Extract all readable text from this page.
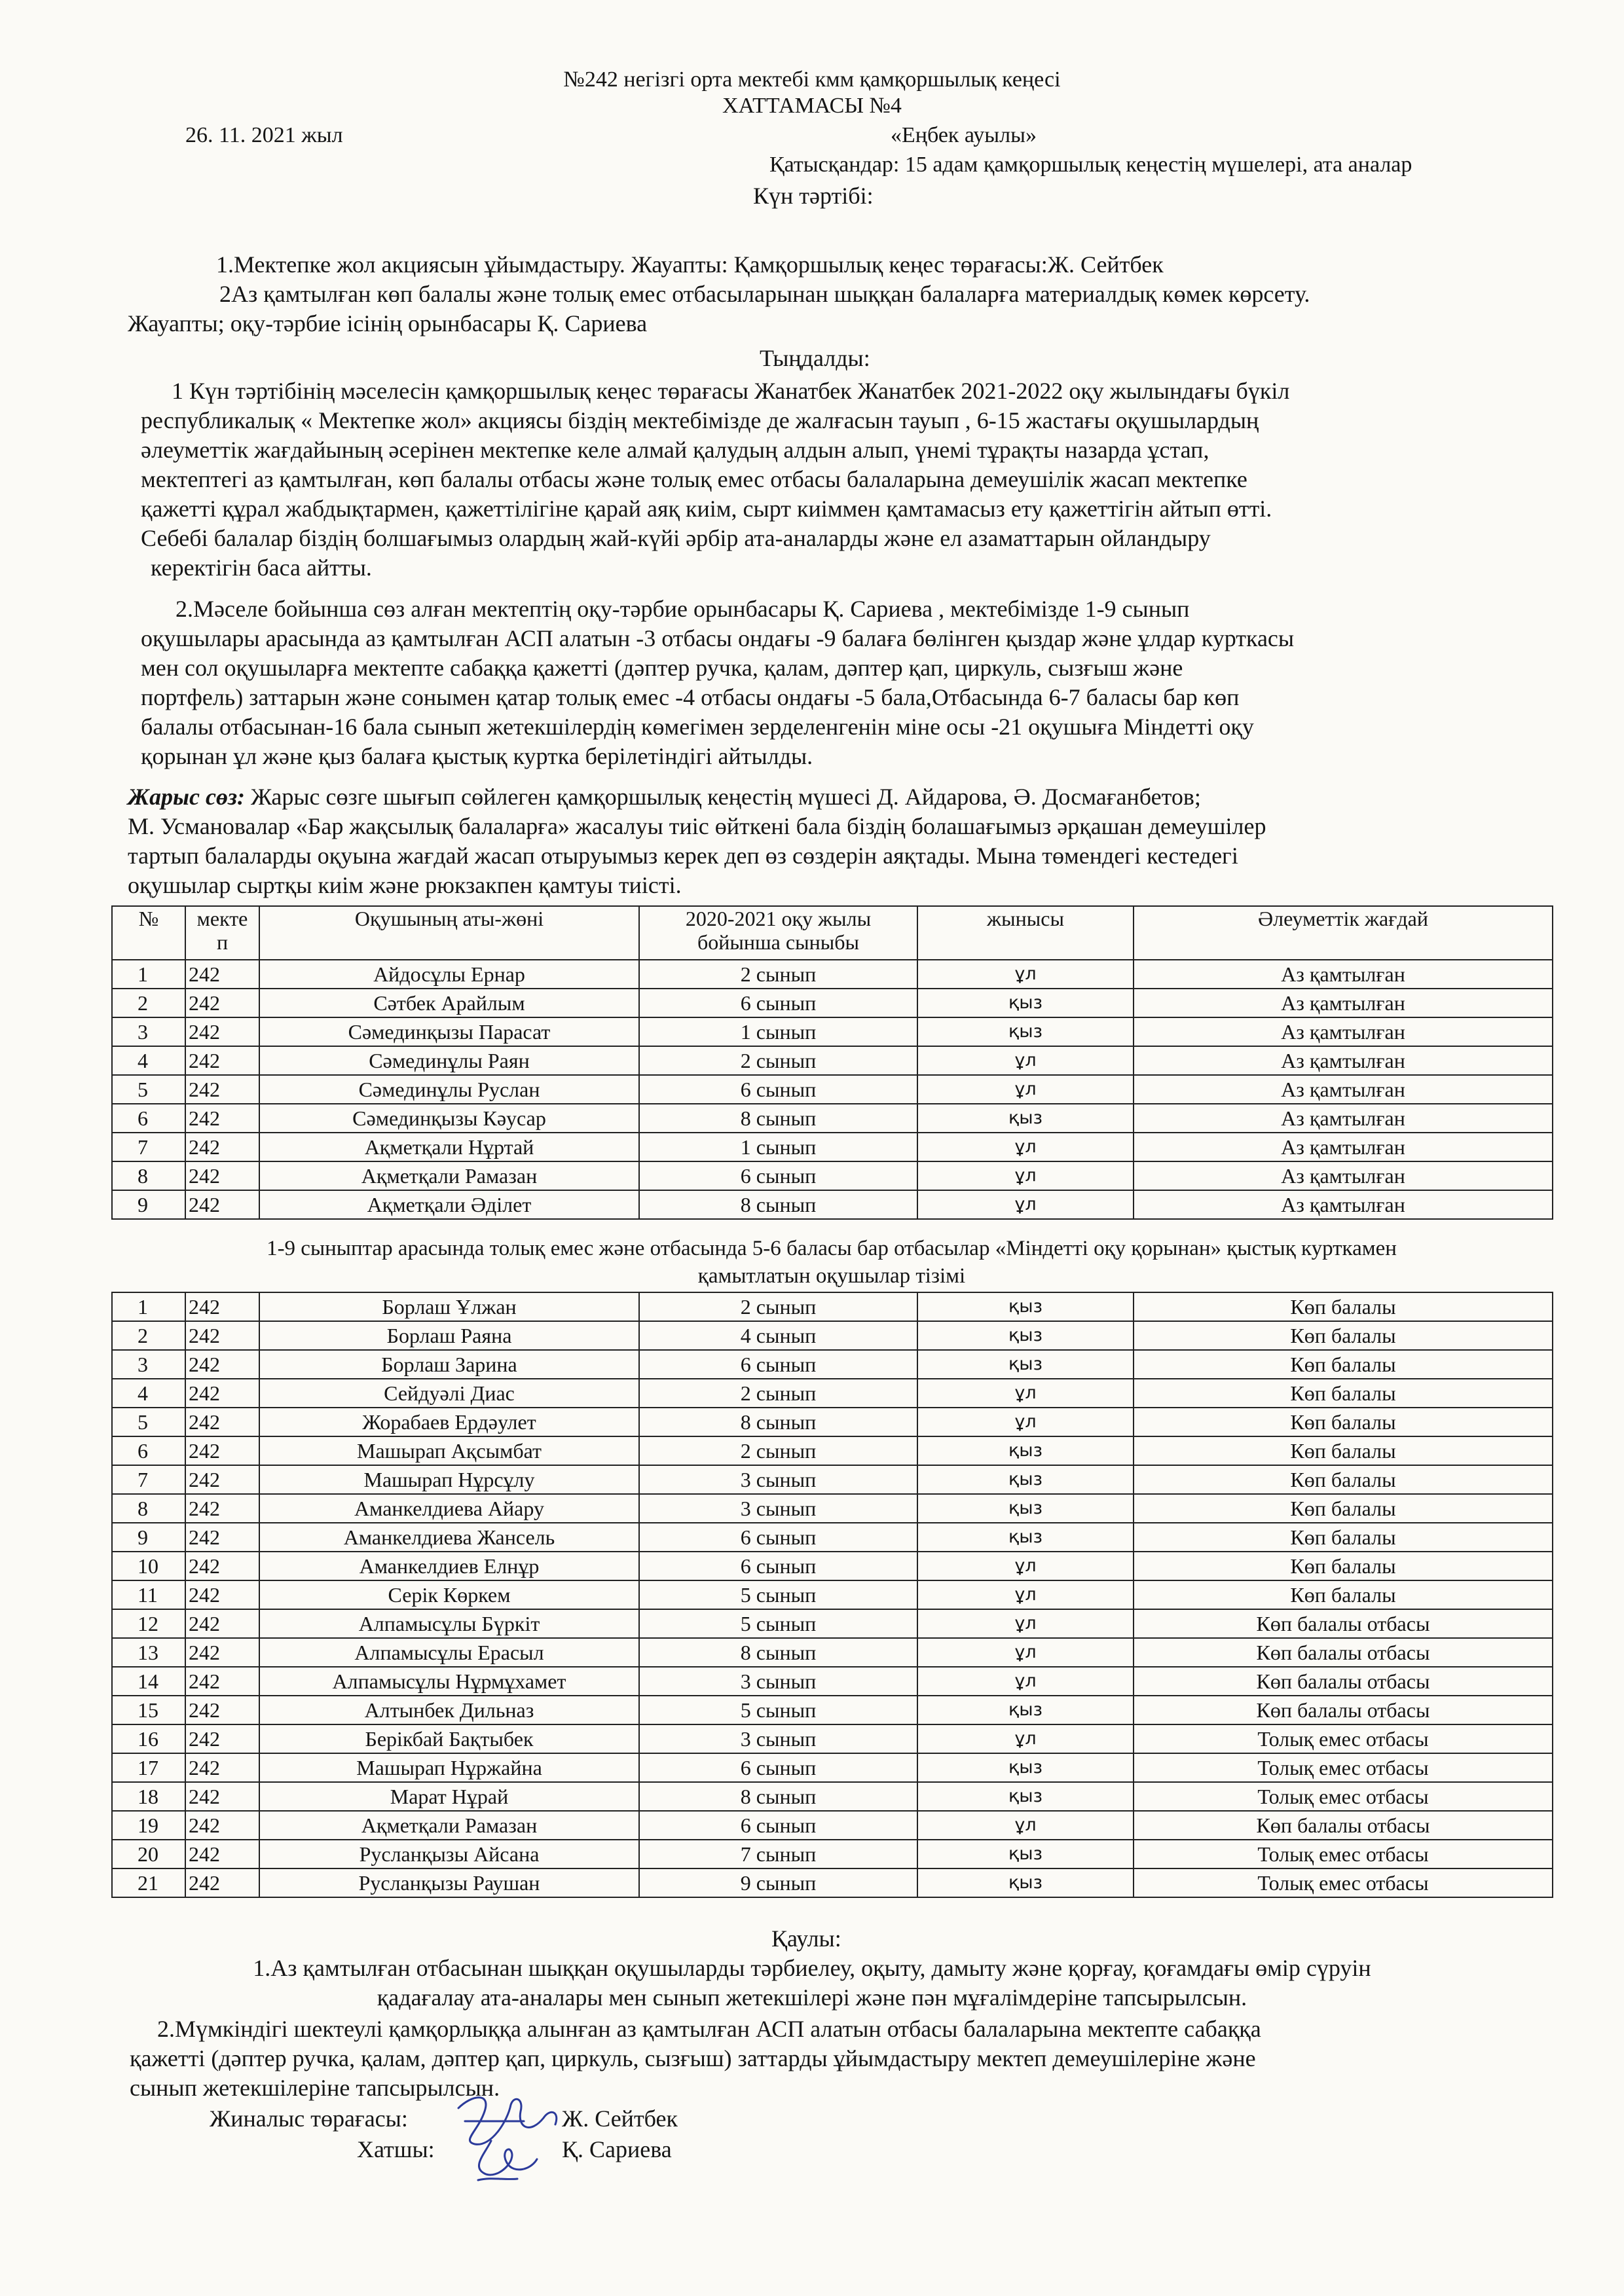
№242 негізгі орта мектебі кмм қамқоршылық кеңесі
ХАТТАМАСЫ №4
26. 11. 2021 жыл	«Еңбек ауылы»
Қатысқандар: 15 адам қамқоршылық кеңестің мүшелері, ата аналар
Күн тәртібі:
1.Мектепке жол акциясын ұйымдастыру. Жауапты: Қамқоршылық кеңес төрағасы:Ж. Сейтбек
2Аз қамтылған көп балалы және толық емес отбасыларынан шыққан балаларға материалдық көмек көрсету.
Жауапты; оқу-тәрбие ісінің орынбасары Қ. Сариева
Тыңдалды:

1 Күн тәртібінің мәселесін қамқоршылық кеңес төрағасы Жанатбек Жанатбек 2021-2022 оқу жылындағы бүкіл

республикалық « Мектепке жол» акциясы біздің мектебімізде де жалғасын тауып , 6-15 жастағы оқушылардың

әлеуметтік жағдайының әсерінен мектепке келе алмай қалудың алдын алып, үнемі тұрақты назарда ұстап,

мектептегі аз қамтылған, көп балалы отбасы және толық емес отбасы балаларына демеушілік жасап мектепке

қажетті құрал жабдықтармен, қажеттілігіне қарай аяқ киім, сырт киіммен қамтамасыз ету қажеттігін айтып өтті.

Себебі балалар біздің болшағымыз олардың жай-күйі әрбір ата-аналарды және ел азаматтарын ойландыру

керектігін баса айтты.

2.Мәселе бойынша сөз алған мектептің оқу-тәрбие орынбасары Қ. Сариева , мектебімізде 1-9 сынып

оқушылары арасында аз қамтылған АСП алатын -3 отбасы ондағы -9 балаға бөлінген қыздар және ұлдар курткасы

мен сол оқушыларға мектепте сабаққа қажетті (дәптер ручка, қалам, дәптер қап, циркуль, сызғыш және

портфель) заттарын және сонымен қатар толық емес -4 отбасы ондағы -5 бала,Отбасында 6-7 баласы бар көп

балалы отбасынан-16 бала сынып жетекшілердің көмегімен зерделенгенін міне осы -21 оқушыға Міндетті оқу

қорынан ұл және қыз балаға қыстық куртка берілетіндігі айтылды.

Жарыс сөз: Жарыс сөзге шығып сөйлеген қамқоршылық кеңестің мүшесі Д. Айдарова, Ә. Досмағанбетов;

М. Усмановалар «Бар жақсылық балаларға» жасалуы тиіс өйткені бала біздің болашағымыз әрқашан демеушілер

тартып балаларды оқуына жағдай жасап отыруымыз керек деп өз сөздерін аяқтады. Мына төмендегі кестедегі

оқушылар сыртқы киім және рюкзакпен қамтуы тиісті.

№	мекте п	Оқушының аты-жөні	2020-2021 оқу жылы бойынша сыныбы	жынысы	Әлеуметтік жағдай
1	242	Айдосұлы Ернар	2 сынып	ұл	Аз қамтылған
2	242	Сәтбек Арайлым	6 сынып	қыз	Аз қамтылған
3	242	Сәмединқызы Парасат	1 сынып	қыз	Аз қамтылған
4	242	Сәмединұлы Раян	2 сынып	ұл	Аз қамтылған
5	242	Сәмединұлы Руслан	6 сынып	ұл	Аз қамтылған
6	242	Сәмединқызы Кәусар	8 сынып	қыз	Аз қамтылған
7	242	Ақметқали Нұртай	1 сынып	ұл	Аз қамтылған
8	242	Ақметқали Рамазан	6 сынып	ұл	Аз қамтылған
9	242	Ақметқали Әділет	8 сынып	ұл	Аз қамтылған
1-9 сыныптар арасында толық емес және отбасында 5-6 баласы бар отбасылар «Міндетті оқу қорынан» қыстық курткамен
қамытлатын оқушылар тізімі
1	242	Борлаш Ұлжан	2 сынып	қыз	Көп балалы
2	242	Борлаш Раяна	4 сынып	қыз	Көп балалы
3	242	Борлаш Зарина	6 сынып	қыз	Көп балалы
4	242	Сейдуәлі Диас	2 сынып	ұл	Көп балалы
5	242	Жорабаев Ердәулет	8 сынып	ұл	Көп балалы
6	242	Машырап Ақсымбат	2 сынып	қыз	Көп балалы
7	242	Машырап Нұрсұлу	3 сынып	қыз	Көп балалы
8	242	Аманкелдиева Айару	3 сынып	қыз	Көп балалы
9	242	Аманкелдиева Жансель	6 сынып	қыз	Көп балалы
10	242	Аманкелдиев Елнұр	6 сынып	ұл	Көп балалы
11	242	Серік Көркем	5 сынып	ұл	Көп балалы
12	242	Алпамысұлы Бүркіт	5 сынып	ұл	Көп балалы отбасы
13	242	Алпамысұлы Ерасыл	8 сынып	ұл	Көп балалы отбасы
14	242	Алпамысұлы Нұрмұхамет	3 сынып	ұл	Көп балалы отбасы
15	242	Алтынбек Дильназ	5 сынып	қыз	Көп балалы отбасы
16	242	Берікбай Бақтыбек	3 сынып	ұл	Толық емес отбасы
17	242	Машырап Нұржайна	6 сынып	қыз	Толық емес отбасы
18	242	Марат Нұрай	8 сынып	қыз	Толық емес отбасы
19	242	Ақметқали Рамазан	6 сынып	ұл	Көп балалы отбасы
20	242	Русланқызы Айсана	7 сынып	қыз	Толық емес отбасы
21	242	Русланқызы Раушан	9 сынып	қыз	Толық емес отбасы
Қаулы:
1.Аз қамтылған отбасынан шыққан оқушыларды тәрбиелеу, оқыту, дамыту және қорғау, қоғамдағы өмір сүруін
қадағалау ата-аналары мен сынып жетекшілері және пән мұғалімдеріне тапсырылсын.
2.Мүмкіндігі шектеулі қамқорлыққа алынған аз қамтылған АСП алатын отбасы балаларына мектепте сабаққа
қажетті (дәптер ручка, қалам, дәптер қап, циркуль, сызғыш) заттарды ұйымдастыру мектеп демеушілеріне және
сынып жетекшілеріне тапсырылсын.
Жиналыс төрағасы:	Ж. Сейтбек
Хатшы:	Қ. Сариева
